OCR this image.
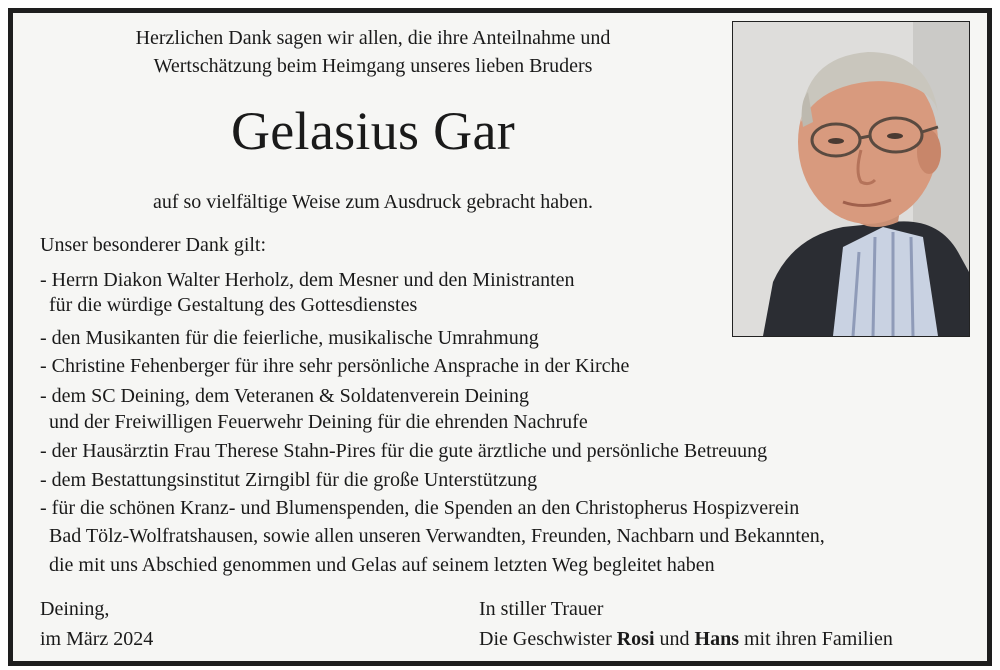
Herzlichen Dank sagen wir allen, die ihre Anteilnahme und
Wertschätzung beim Heimgang unseres lieben Bruders
Gelasius Gar
auf so vielfältige Weise zum Ausdruck gebracht haben.
Unser besonderer Dank gilt:
- Herrn Diakon Walter Herholz, dem Mesner und den Ministranten
für die würdige Gestaltung des Gottesdienstes
- den Musikanten für die feierliche, musikalische Umrahmung
- Christine Fehenberger für ihre sehr persönliche Ansprache in der Kirche
- dem SC Deining, dem Veteranen & Soldatenverein Deining
und der Freiwilligen Feuerwehr Deining für die ehrenden Nachrufe
- der Hausärztin Frau Therese Stahn-Pires für die gute ärztliche und persönliche Betreuung
- dem Bestattungsinstitut Zirngibl für die große Unterstützung
- für die schönen Kranz- und Blumenspenden, die Spenden an den Christopherus Hospizverein
Bad Tölz-Wolfratshausen, sowie allen unseren Verwandten, Freunden, Nachbarn und Bekannten,
die mit uns Abschied genommen und Gelas auf seinem letzten Weg begleitet haben
Deining,
im März 2024
In stiller Trauer
Die Geschwister Rosi und Hans mit ihren Familien
